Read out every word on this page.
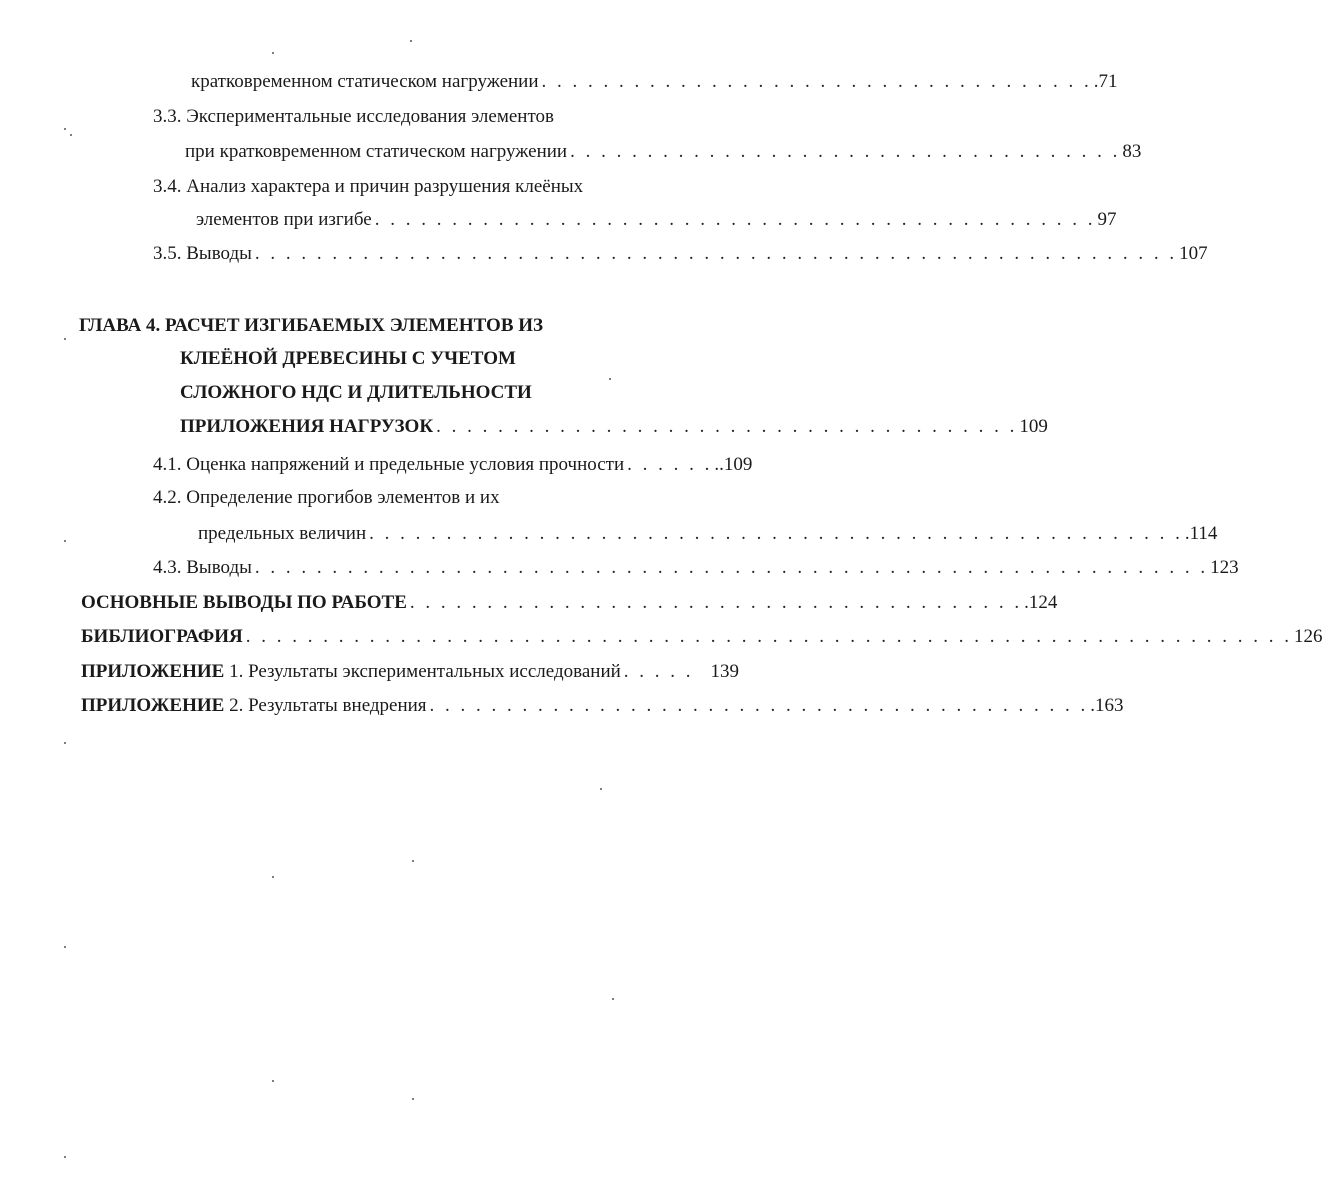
кратковременном статическом нагружении . . . . . . . . . . . . . . . . . . . . . . . . . . . . . . . . . . . . .71
3.3. Экспериментальные исследования элементов
при кратковременном статическом нагружении . . . . . . . . . . . . . . . . . . . . . . . . . . . . . . . . . . . . 83
3.4. Анализ характера и причин разрушения клеёных
элементов при изгибе . . . . . . . . . . . . . . . . . . . . . . . . . . . . . . . . . . . . . . . . . . . . . . . 97
3.5. Выводы . . . . . . . . . . . . . . . . . . . . . . . . . . . . . . . . . . . . . . . . . . . . . . . . . . . . . . . . . . . . 107
ГЛАВА 4. РАСЧЕТ ИЗГИБАЕМЫХ ЭЛЕМЕНТОВ ИЗ
КЛЕЁНОЙ ДРЕВЕСИНЫ С УЧЕТОМ
СЛОЖНОГО НДС И ДЛИТЕЛЬНОСТИ
ПРИЛОЖЕНИЯ НАГРУЗОК . . . . . . . . . . . . . . . . . . . . . . . . . . . . . . . . . . . . . . 109
4.1. Оценка напряжений и предельные условия прочности . . . . . . ..109
4.2. Определение прогибов элементов и их
предельных величин . . . . . . . . . . . . . . . . . . . . . . . . . . . . . . . . . . . . . . . . . . . . . . . . . . . . . .114
4.3. Выводы . . . . . . . . . . . . . . . . . . . . . . . . . . . . . . . . . . . . . . . . . . . . . . . . . . . . . . . . . . . . . . 123
ОСНОВНЫЕ ВЫВОДЫ ПО РАБОТЕ . . . . . . . . . . . . . . . . . . . . . . . . . . . . . . . . . . . . . . . . .124
БИБЛИОГРАФИЯ . . . . . . . . . . . . . . . . . . . . . . . . . . . . . . . . . . . . . . . . . . . . . . . . . . . . . . . . . . . . . . . . . . . . 126
ПРИЛОЖЕНИЕ 1. Результаты экспериментальных исследований . . . . . 139
ПРИЛОЖЕНИЕ 2. Результаты внедрения . . . . . . . . . . . . . . . . . . . . . . . . . . . . . . . . . . . . . . . . . . . .163
